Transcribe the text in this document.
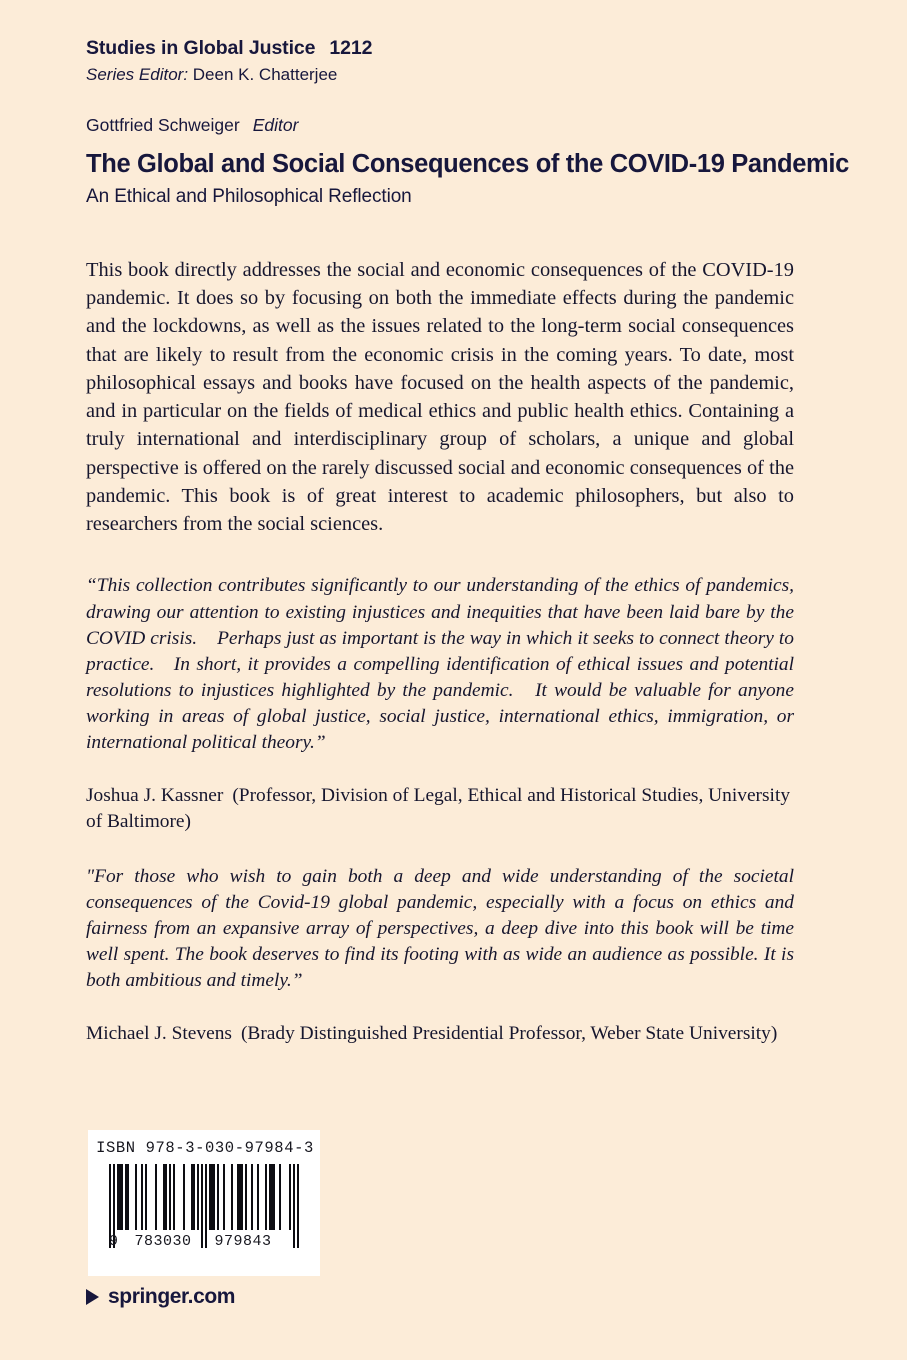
Studies in Global Justice 1212
Series Editor: Deen K. Chatterjee
Gottfried Schweiger Editor
The Global and Social Consequences of the COVID-19 Pandemic
An Ethical and Philosophical Reflection
This book directly addresses the social and economic consequences of the COVID-19 pandemic. It does so by focusing on both the immediate effects during the pandemic and the lockdowns, as well as the issues related to the long-term social consequences that are likely to result from the economic crisis in the coming years. To date, most philosophical essays and books have focused on the health aspects of the pandemic, and in particular on the fields of medical ethics and public health ethics. Containing a truly international and interdisciplinary group of scholars, a unique and global perspective is offered on the rarely discussed social and economic consequences of the pandemic. This book is of great interest to academic philosophers, but also to researchers from the social sciences.
“This collection contributes significantly to our understanding of the ethics of pandemics, drawing our attention to existing injustices and inequities that have been laid bare by the COVID crisis.    Perhaps just as important is the way in which it seeks to connect theory to practice.   In short, it provides a compelling identification of ethical issues and potential resolutions to injustices highlighted by the pandemic.   It would be valuable for anyone working in areas of global justice, social justice, international ethics, immigration, or international political theory.”
Joshua J. Kassner (Professor, Division of Legal, Ethical and Historical Studies, University of Baltimore)
"For those who wish to gain both a deep and wide understanding of the societal consequences of the Covid-19 global pandemic, especially with a focus on ethics and fairness from an expansive array of perspectives, a deep dive into this book will be time well spent. The book deserves to find its footing with as wide an audience as possible. It is both ambitious and timely.”
Michael J. Stevens (Brady Distinguished Presidential Professor, Weber State University)
ISBN 978-3-030-97984-3
9	783030	979843
springer.com
